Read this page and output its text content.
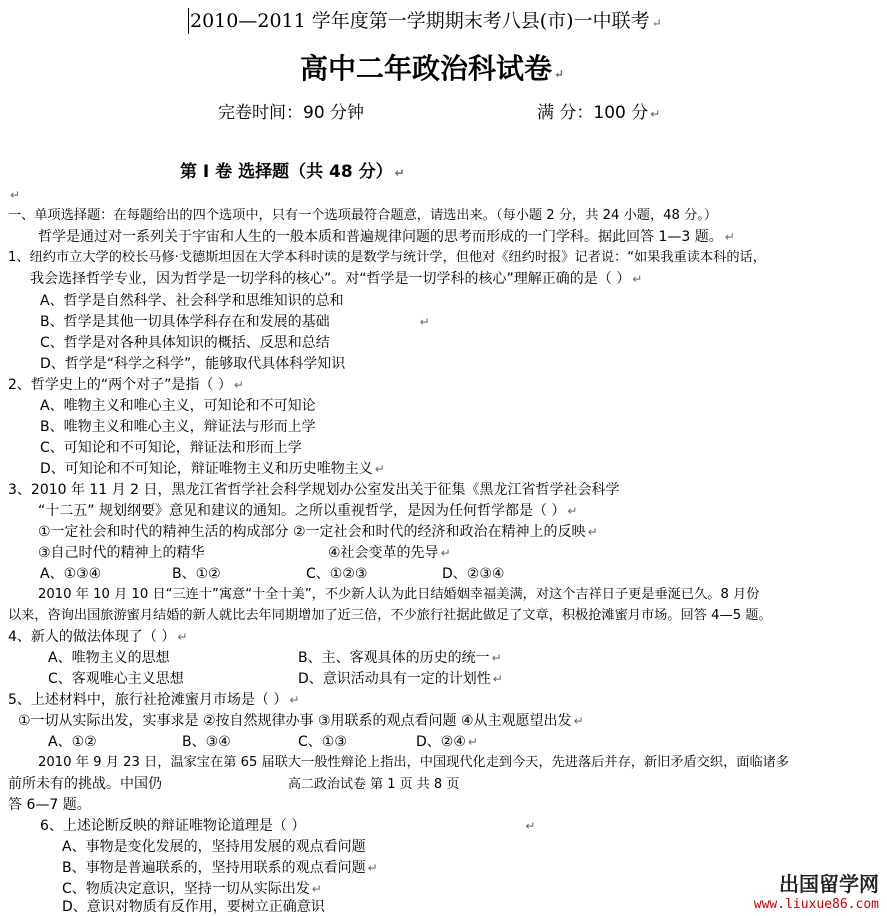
2010—2011 学年度第一学期期末考八县(市)一中联考 ↵
高中二年政治科试卷 ↵
完卷时间：90 分钟	满 分：100 分 ↵
第 I 卷 选择题（共 48 分） ↵
↵
一、单项选择题：在每题给出的四个选项中，只有一个选项最符合题意，请选出来。（每小题 2 分，共 24 小题，48 分。）
哲学是通过对一系列关于宇宙和人生的一般本质和普遍规律问题的思考而形成的一门学科。据此回答 1—3 题。 ↵
1、纽约市立大学的校长马修·戈德斯坦因在大学本科时读的是数学与统计学，但他对《纽约时报》记者说：“如果我重读本科的话，
我会选择哲学专业，因为哲学是一切学科的核心”。对“哲学是一切学科的核心”理解正确的是（ ） ↵
A、哲学是自然科学、社会科学和思维知识的总和
B、哲学是其他一切具体学科存在和发展的基础	↵
C、哲学是对各种具体知识的概括、反思和总结
D、哲学是“科学之科学”，能够取代具体科学知识
2、哲学史上的“两个对子”是指（ ） ↵
A、唯物主义和唯心主义，可知论和不可知论
B、唯物主义和唯心主义，辩证法与形而上学
C、可知论和不可知论，辩证法和形而上学
D、可知论和不可知论，辩证唯物主义和历史唯物主义 ↵
3、2010 年 11 月 2 日，黑龙江省哲学社会科学规划办公室发出关于征集《黑龙江省哲学社会科学
“十二五” 规划纲要》意见和建议的通知。之所以重视哲学，是因为任何哲学都是（ ） ↵
①一定社会和时代的精神生活的构成部分 ②一定社会和时代的经济和政治在精神上的反映 ↵
③自己时代的精神上的精华	④社会变革的先导 ↵
A、①③④	B、①②	C、①②③	D、②③④
2010 年 10 月 10 日“三连十”寓意“十全十美”，不少新人认为此日结婚姻幸福美满，对这个吉祥日子更是垂涎已久。8 月份
以来，咨询出国旅游蜜月结婚的新人就比去年同期增加了近三倍，不少旅行社据此做足了文章，积极抢滩蜜月市场。回答 4—5 题。
4、新人的做法体现了（ ） ↵
A、唯物主义的思想	B、主、客观具体的历史的统一 ↵
C、客观唯心主义思想	D、意识活动具有一定的计划性 ↵
5、上述材料中，旅行社抢滩蜜月市场是（ ） ↵
①一切从实际出发，实事求是 ②按自然规律办事 ③用联系的观点看问题 ④从主观愿望出发 ↵
A、①②	B、③④	C、①③	D、②④ ↵
2010 年 9 月 23 日，温家宝在第 65 届联大一般性辩论上指出，中国现代化走到今天，先进落后并存，新旧矛盾交织，面临诸多
前所未有的挑战。中国仍	高二政治试卷 第 1 页 共 8 页
答 6—7 题。
6、上述论断反映的辩证唯物论道理是（ ）	↵
A、事物是变化发展的，坚持用发展的观点看问题
B、事物是普遍联系的，坚持用联系的观点看问题 ↵
C、物质决定意识，坚持一切从实际出发 ↵
D、意识对物质有反作用，要树立正确意识
出国留学网
www.liuxue86.com
